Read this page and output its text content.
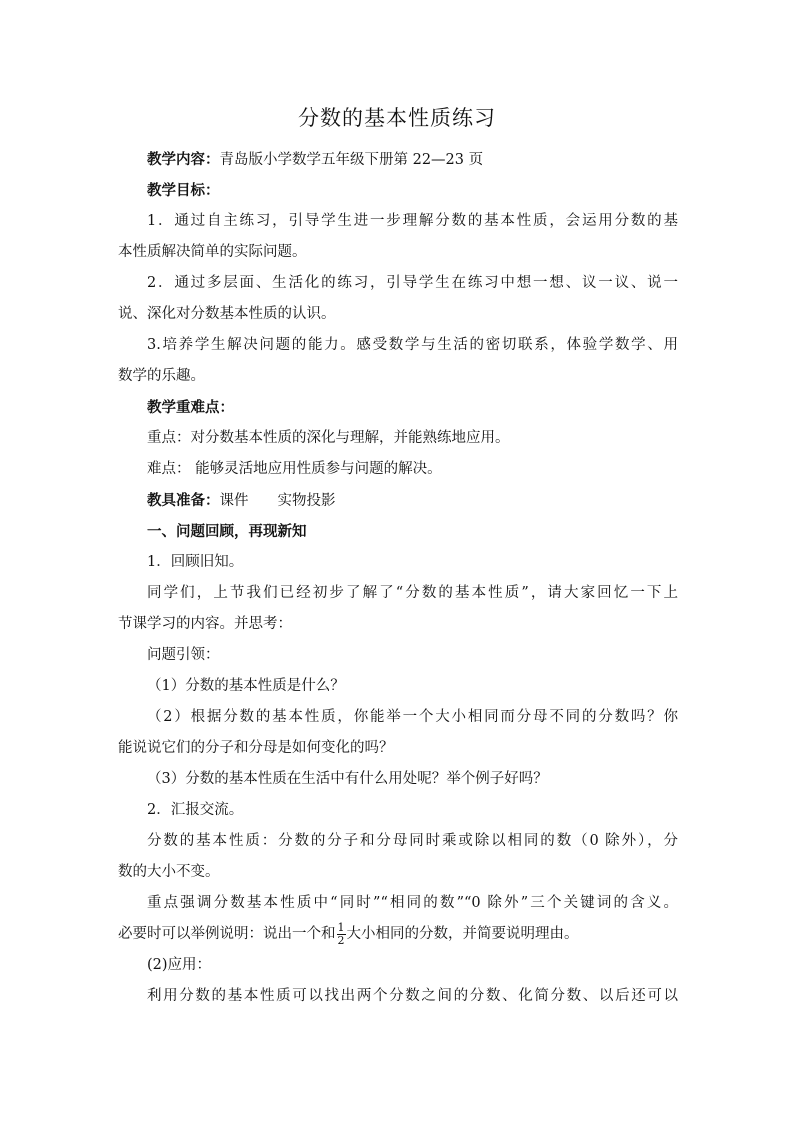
分数的基本性质练习

教学内容：青岛版小学数学五年级下册第 22—23 页

教学目标：

1．通过自主练习，引导学生进一步理解分数的基本性质，会运用分数的基

本性质解决简单的实际问题。

2．通过多层面、生活化的练习，引导学生在练习中想一想、议一议、说一

说、深化对分数基本性质的认识。

3.培养学生解决问题的能力。感受数学与生活的密切联系，体验学数学、用

数学的乐趣。

教学重难点：

重点：对分数基本性质的深化与理解，并能熟练地应用。

难点： 能够灵活地应用性质参与问题的解决。

教具准备：课件　　实物投影

一、问题回顾，再现新知

1．回顾旧知。

同学们，上节我们已经初步了解了“分数的基本性质”，请大家回忆一下上

节课学习的内容。并思考：

问题引领：

（1）分数的基本性质是什么？

（2）根据分数的基本性质，你能举一个大小相同而分母不同的分数吗？你

能说说它们的分子和分母是如何变化的吗？

（3）分数的基本性质在生活中有什么用处呢？举个例子好吗？

2．汇报交流。

分数的基本性质：分数的分子和分母同时乘或除以相同的数（0 除外），分

数的大小不变。

重点强调分数基本性质中“同时”“相同的数”“0 除外”三个关键词的含义。

必要时可以举例说明：说出一个和 $\frac{1}{2}$ 大小相同的分数，并简要说明理由。

(2)应用：

利用分数的基本性质可以找出两个分数之间的分数、化简分数、以后还可以
